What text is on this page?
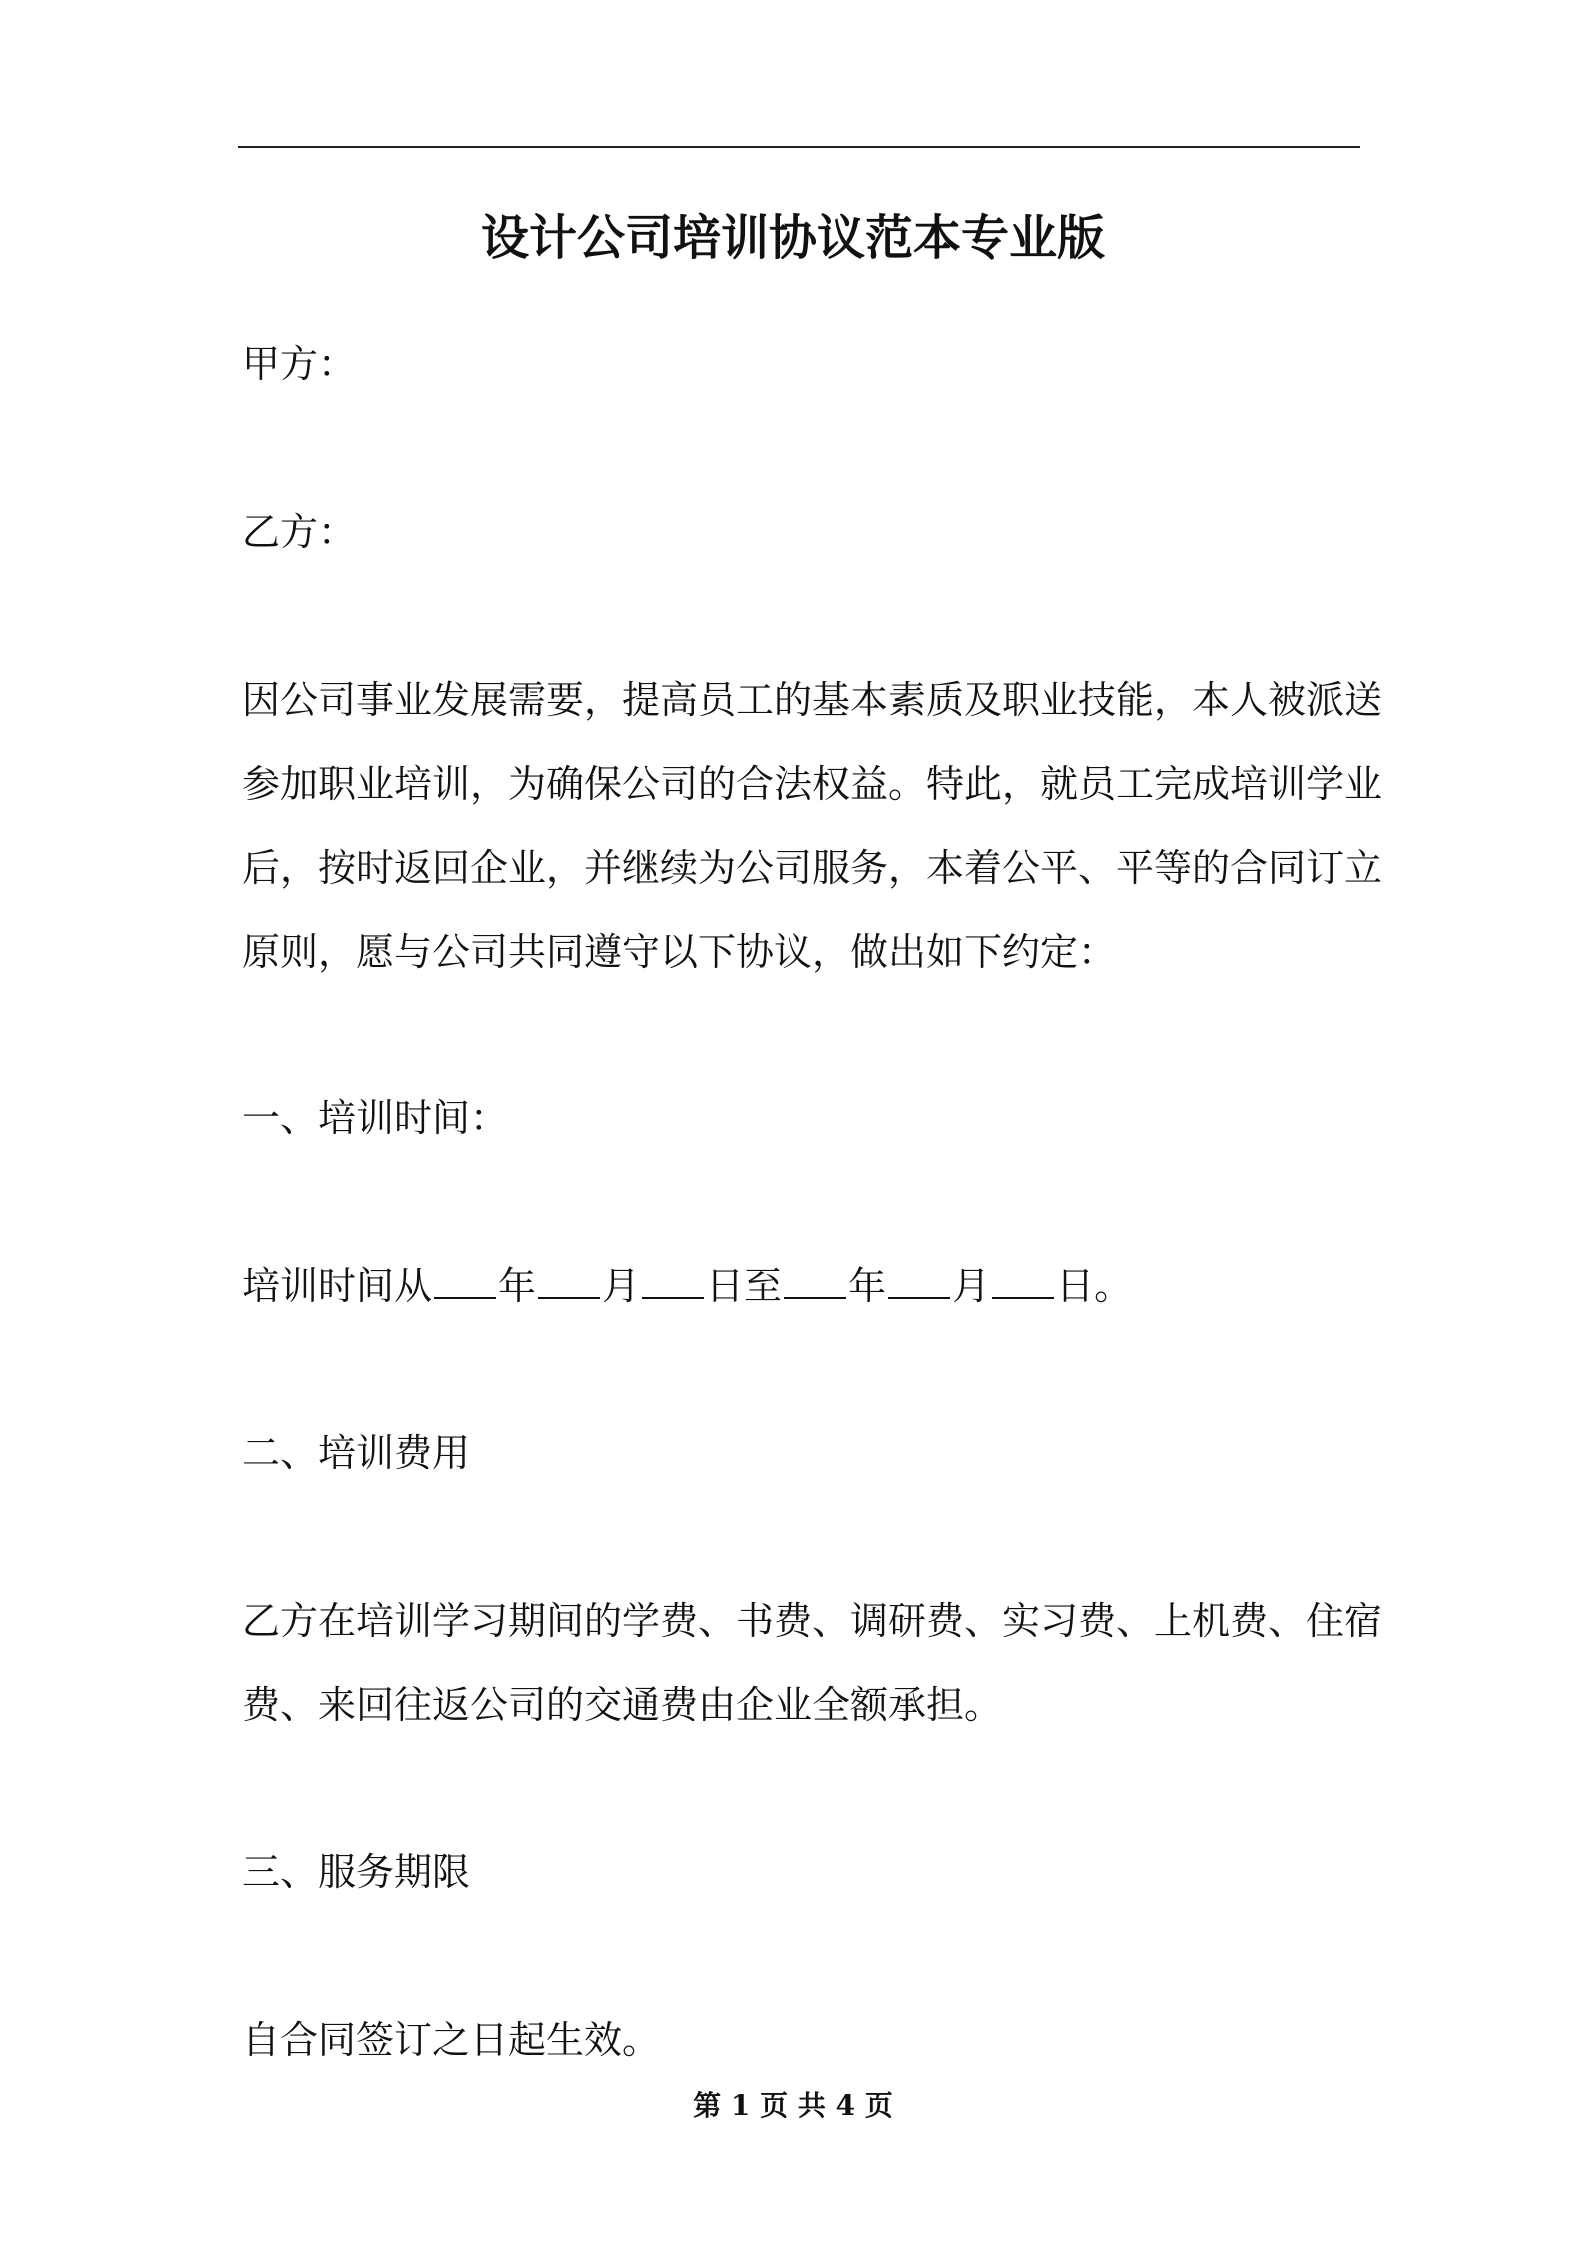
设计公司培训协议范本专业版
甲方：
乙方：
因公司事业发展需要，提高员工的基本素质及职业技能，本人被派送
参加职业培训，为确保公司的合法权益。特此，就员工完成培训学业
后，按时返回企业，并继续为公司服务，本着公平、平等的合同订立
原则，愿与公司共同遵守以下协议，做出如下约定：
一、培训时间：
培训时间从 年 月 日至 年 月 日。
二、培训费用
乙方在培训学习期间的学费、书费、调研费、实习费、上机费、住宿
费、来回往返公司的交通费由企业全额承担。
三、服务期限
自合同签订之日起生效。
第 1 页 共 4 页
